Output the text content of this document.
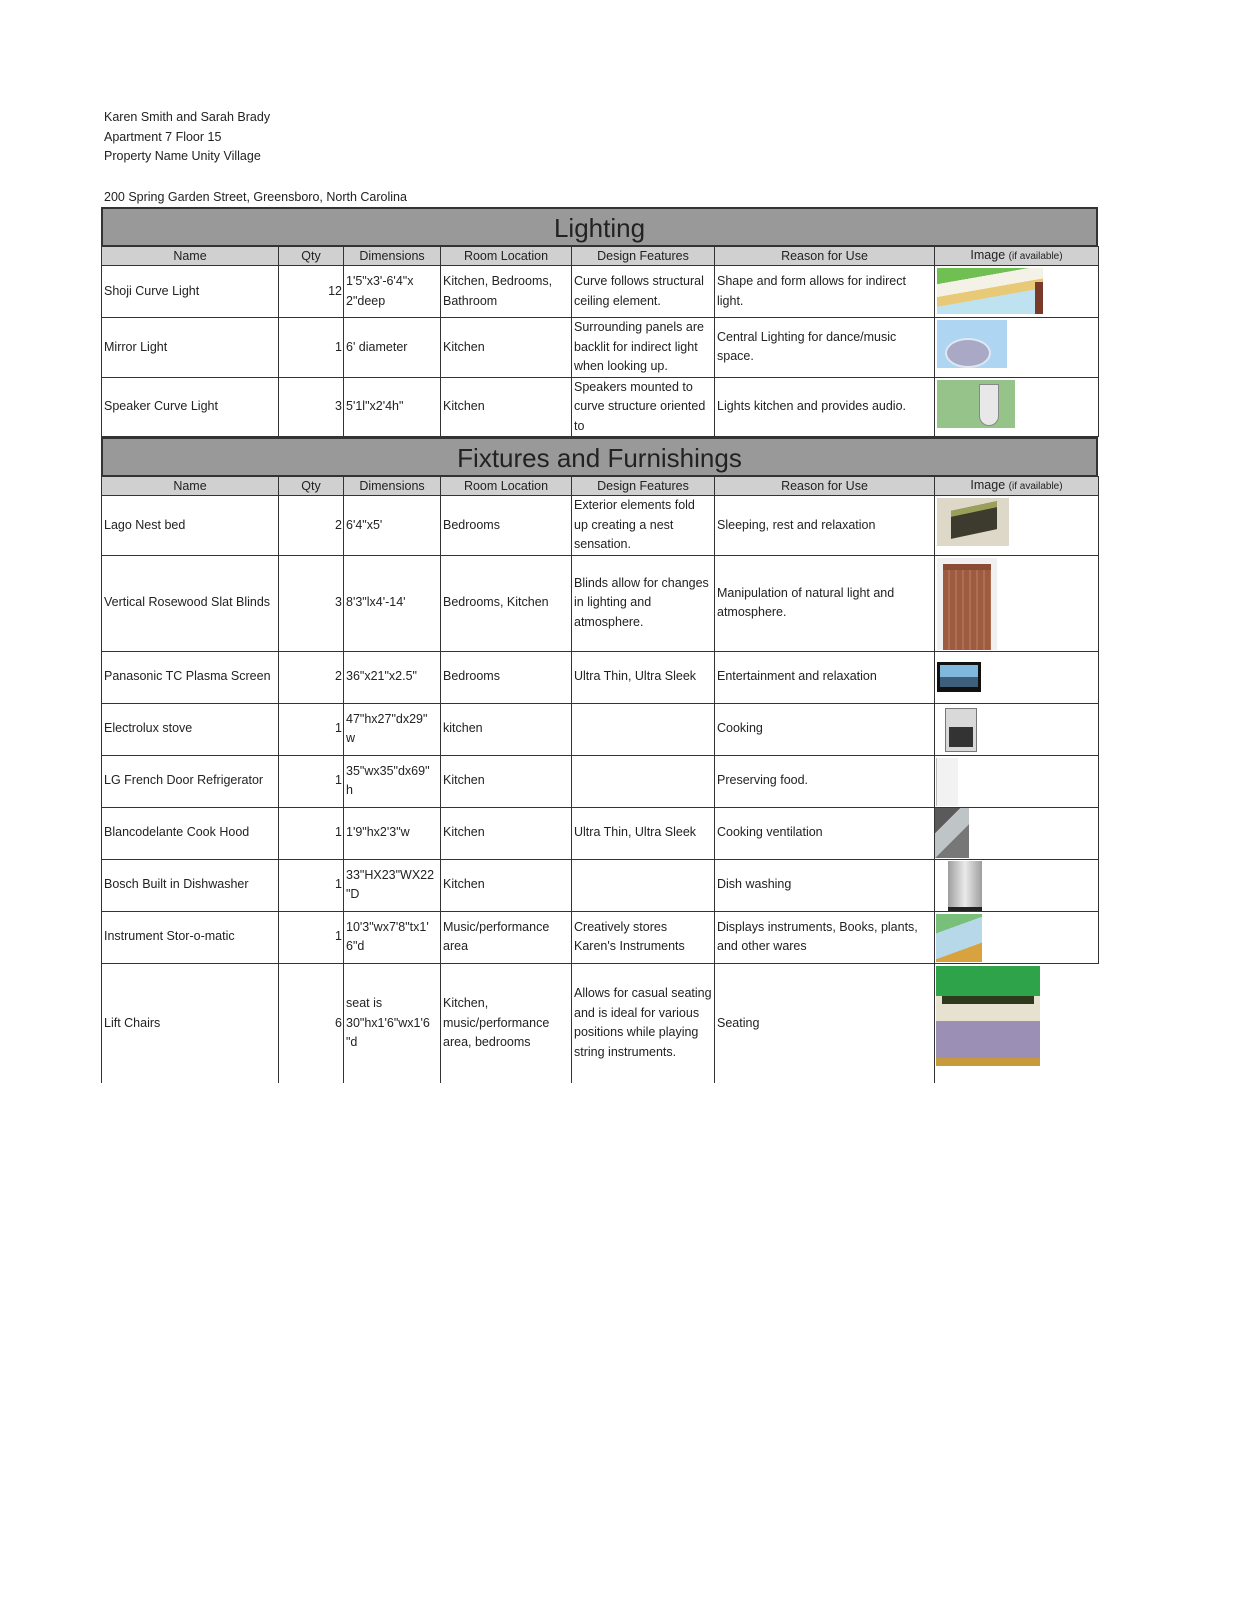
Karen Smith and Sarah Brady
Apartment 7 Floor 15
Property Name Unity Village
200 Spring Garden Street, Greensboro, North Carolina
Lighting
Name	Qty	Dimensions	Room Location	Design Features	Reason for Use	Image (if available)
Shoji Curve Light	12	1'5"x3'-6'4"x 2"deep	Kitchen, Bedrooms, Bathroom	Curve follows structural ceiling element.	Shape and form allows for indirect light.	

Mirror Light	1	6' diameter	Kitchen	Surrounding panels are backlit for indirect light when looking up.	Central Lighting for dance/music space.	

Speaker Curve Light	3	5'1l"x2'4h"	Kitchen	Speakers mounted to curve structure oriented to	Lights kitchen and provides audio.	
Fixtures and Furnishings
Name	Qty	Dimensions	Room Location	Design Features	Reason for Use	Image (if available)
Lago Nest bed	2	6'4"x5'	Bedrooms	Exterior elements fold up creating a nest sensation.	Sleeping, rest and relaxation	

Vertical Rosewood Slat Blinds	3	8'3"lx4'-14'	Bedrooms, Kitchen	Blinds allow for changes in lighting and atmosphere.	Manipulation of natural light and atmosphere.	

Panasonic TC Plasma Screen	2	36"x21"x2.5"	Bedrooms	Ultra Thin, Ultra Sleek	Entertainment and relaxation	

Electrolux stove	1	47"hx27"dx29" w	kitchen		Cooking	

LG French Door Refrigerator	1	35"wx35"dx69" h	Kitchen		Preserving food.	

Blancodelante Cook Hood	1	1'9"hx2'3"w	Kitchen	Ultra Thin, Ultra Sleek	Cooking ventilation	

Bosch Built in Dishwasher	1	33"HX23"WX22 "D	Kitchen		Dish washing	

Instrument Stor-o-matic	1	10'3"wx7'8"tx1' 6"d	Music/performance area	Creatively stores Karen's Instruments	Displays instruments, Books, plants, and other wares	

Lift Chairs	6	seat is 30"hx1'6"wx1'6 "d	Kitchen, music/performance area, bedrooms	Allows for casual seating and is ideal for various positions while playing string instruments.	Seating	
